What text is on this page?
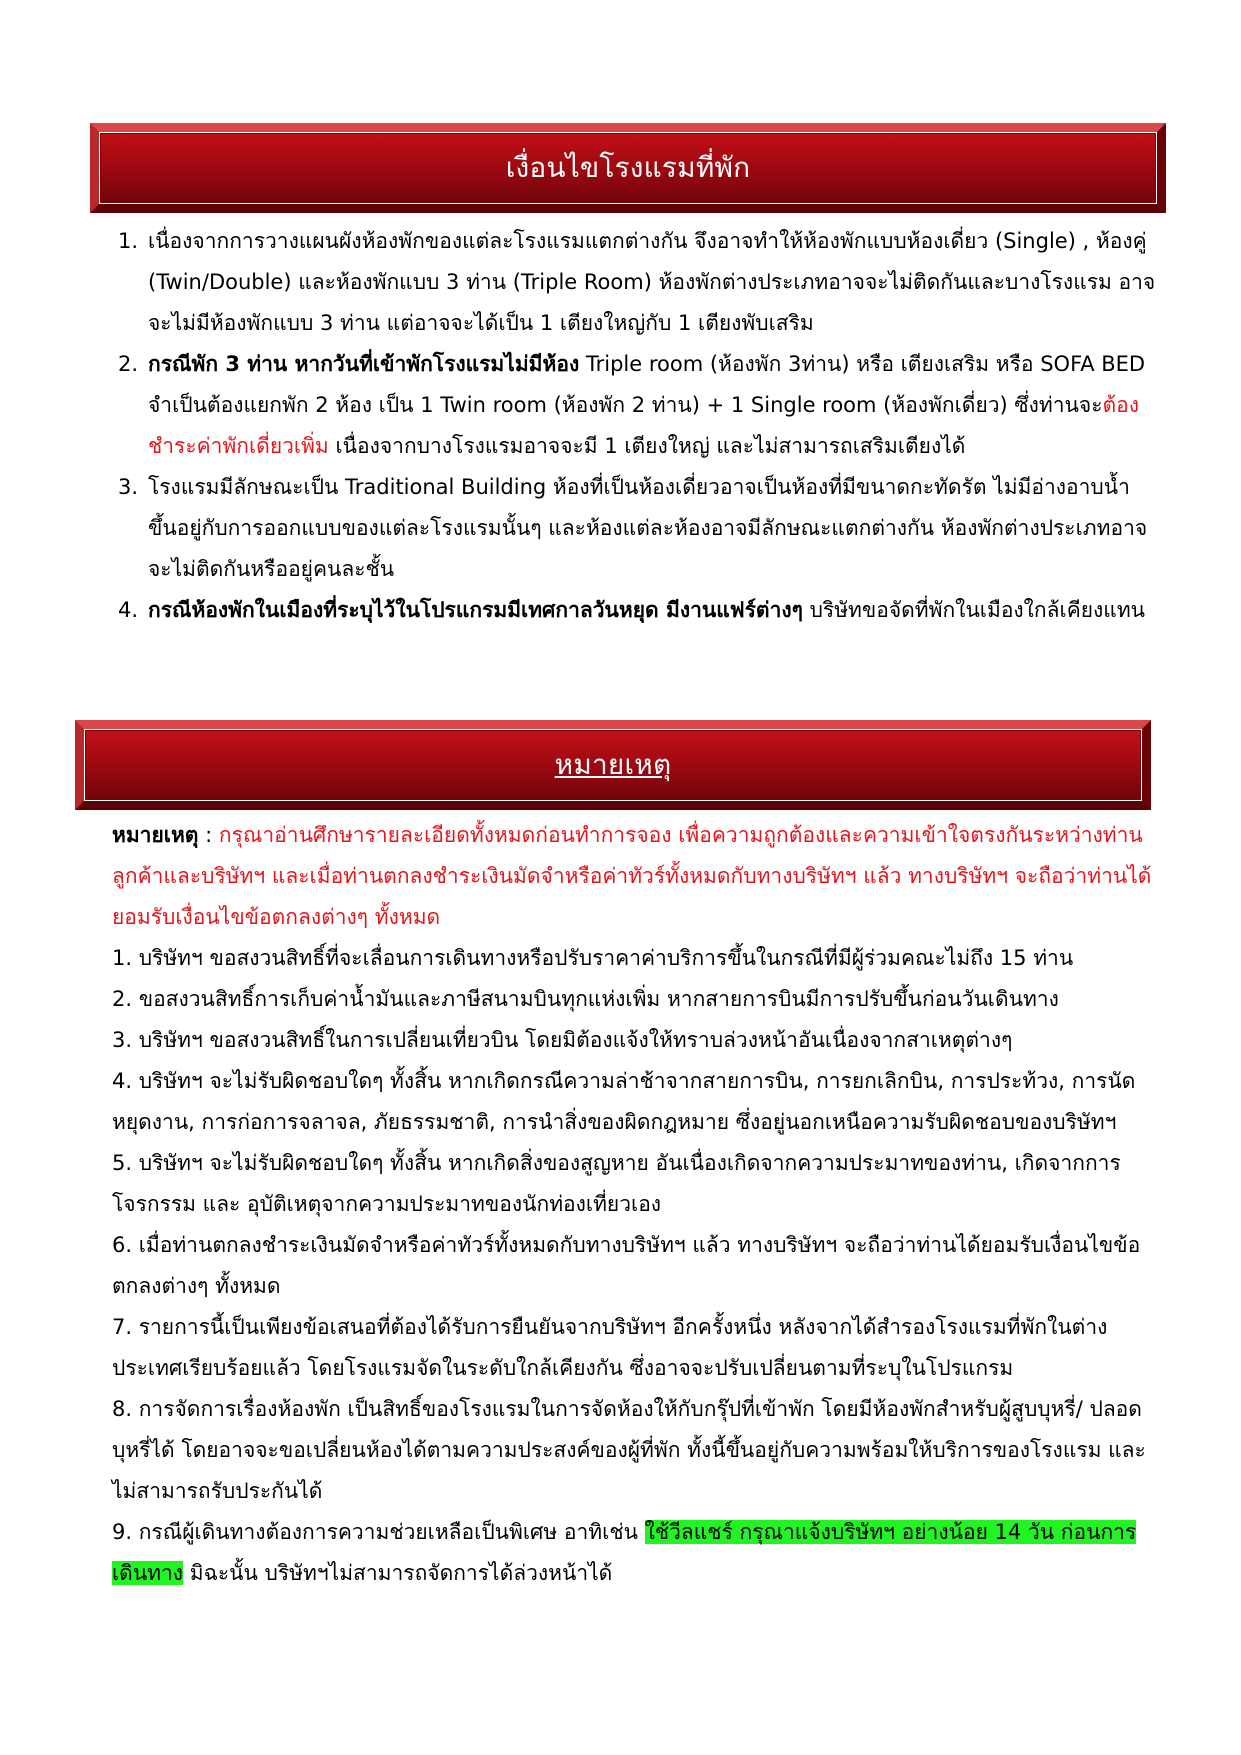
เงื่อนไขโรงแรมที่พัก
1. เนื่องจากการวางแผนผังห้องพักของแต่ละโรงแรมแตกต่างกัน จึงอาจทำให้ห้องพักแบบห้องเดี่ยว (Single) , ห้องคู่ (Twin/Double) และห้องพักแบบ 3 ท่าน (Triple Room) ห้องพักต่างประเภทอาจจะไม่ติดกันและบางโรงแรม อาจจะไม่มีห้องพักแบบ 3 ท่าน แต่อาจจะได้เป็น 1 เตียงใหญ่กับ 1 เตียงพับเสริม
2. กรณีพัก 3 ท่าน หากวันที่เข้าพักโรงแรมไม่มีห้อง Triple room (ห้องพัก 3ท่าน) หรือ เตียงเสริม หรือ SOFA BED จำเป็นต้องแยกพัก 2 ห้อง เป็น 1 Twin room (ห้องพัก 2 ท่าน) + 1 Single room (ห้องพักเดี่ยว) ซึ่งท่านจะต้องชำระค่าพักเดี่ยวเพิ่ม เนื่องจากบางโรงแรมอาจจะมี 1 เตียงใหญ่ และไม่สามารถเสริมเตียงได้
3. โรงแรมมีลักษณะเป็น Traditional Building ห้องที่เป็นห้องเดี่ยวอาจเป็นห้องที่มีขนาดกะทัดรัต ไม่มีอ่างอาบน้ำ ขึ้นอยู่กับการออกแบบของแต่ละโรงแรมนั้นๆ และห้องแต่ละห้องอาจมีลักษณะแตกต่างกัน ห้องพักต่างประเภทอาจจะไม่ติดกันหรืออยู่คนละชั้น
4. กรณีห้องพักในเมืองที่ระบุไว้ในโปรแกรมมีเทศกาลวันหยุด มีงานแฟร์ต่างๆ บริษัทขอจัดที่พักในเมืองใกล้เคียงแทน
หมายเหตุ

หมายเหตุ : กรุณาอ่านศึกษารายละเอียดทั้งหมดก่อนทำการจอง เพื่อความถูกต้องและความเข้าใจตรงกันระหว่างท่านลูกค้าและบริษัทฯ และเมื่อท่านตกลงชำระเงินมัดจำหรือค่าทัวร์ทั้งหมดกับทางบริษัทฯ แล้ว ทางบริษัทฯ จะถือว่าท่านได้ยอมรับเงื่อนไขข้อตกลงต่างๆ ทั้งหมด

1. บริษัทฯ ขอสงวนสิทธิ์ที่จะเลื่อนการเดินทางหรือปรับราคาค่าบริการขึ้นในกรณีที่มีผู้ร่วมคณะไม่ถึง 15 ท่าน

2. ขอสงวนสิทธิ์การเก็บค่าน้ำมันและภาษีสนามบินทุกแห่งเพิ่ม หากสายการบินมีการปรับขึ้นก่อนวันเดินทาง

3. บริษัทฯ ขอสงวนสิทธิ์ในการเปลี่ยนเที่ยวบิน โดยมิต้องแจ้งให้ทราบล่วงหน้าอันเนื่องจากสาเหตุต่างๆ

4. บริษัทฯ จะไม่รับผิดชอบใดๆ ทั้งสิ้น หากเกิดกรณีความล่าช้าจากสายการบิน, การยกเลิกบิน, การประท้วง, การนัดหยุดงาน, การก่อการจลาจล, ภัยธรรมชาติ, การนำสิ่งของผิดกฎหมาย ซึ่งอยู่นอกเหนือความรับผิดชอบของบริษัทฯ

5. บริษัทฯ จะไม่รับผิดชอบใดๆ ทั้งสิ้น หากเกิดสิ่งของสูญหาย อันเนื่องเกิดจากความประมาทของท่าน, เกิดจากการโจรกรรม และ อุบัติเหตุจากความประมาทของนักท่องเที่ยวเอง

6. เมื่อท่านตกลงชำระเงินมัดจำหรือค่าทัวร์ทั้งหมดกับทางบริษัทฯ แล้ว ทางบริษัทฯ จะถือว่าท่านได้ยอมรับเงื่อนไขข้อตกลงต่างๆ ทั้งหมด

7. รายการนี้เป็นเพียงข้อเสนอที่ต้องได้รับการยืนยันจากบริษัทฯ อีกครั้งหนึ่ง หลังจากได้สำรองโรงแรมที่พักในต่างประเทศเรียบร้อยแล้ว โดยโรงแรมจัดในระดับใกล้เคียงกัน ซึ่งอาจจะปรับเปลี่ยนตามที่ระบุในโปรแกรม

8. การจัดการเรื่องห้องพัก เป็นสิทธิ์ของโรงแรมในการจัดห้องให้กับกรุ๊ปที่เข้าพัก โดยมีห้องพักสำหรับผู้สูบบุหรี่/ ปลอดบุหรี่ได้ โดยอาจจะขอเปลี่ยนห้องได้ตามความประสงค์ของผู้ที่พัก ทั้งนี้ขึ้นอยู่กับความพร้อมให้บริการของโรงแรม และไม่สามารถรับประกันได้

9. กรณีผู้เดินทางต้องการความช่วยเหลือเป็นพิเศษ อาทิเช่น ใช้วีลแชร์ กรุณาแจ้งบริษัทฯ อย่างน้อย 14 วัน ก่อนการเดินทาง มิฉะนั้น บริษัทฯไม่สามารถจัดการได้ล่วงหน้าได้
